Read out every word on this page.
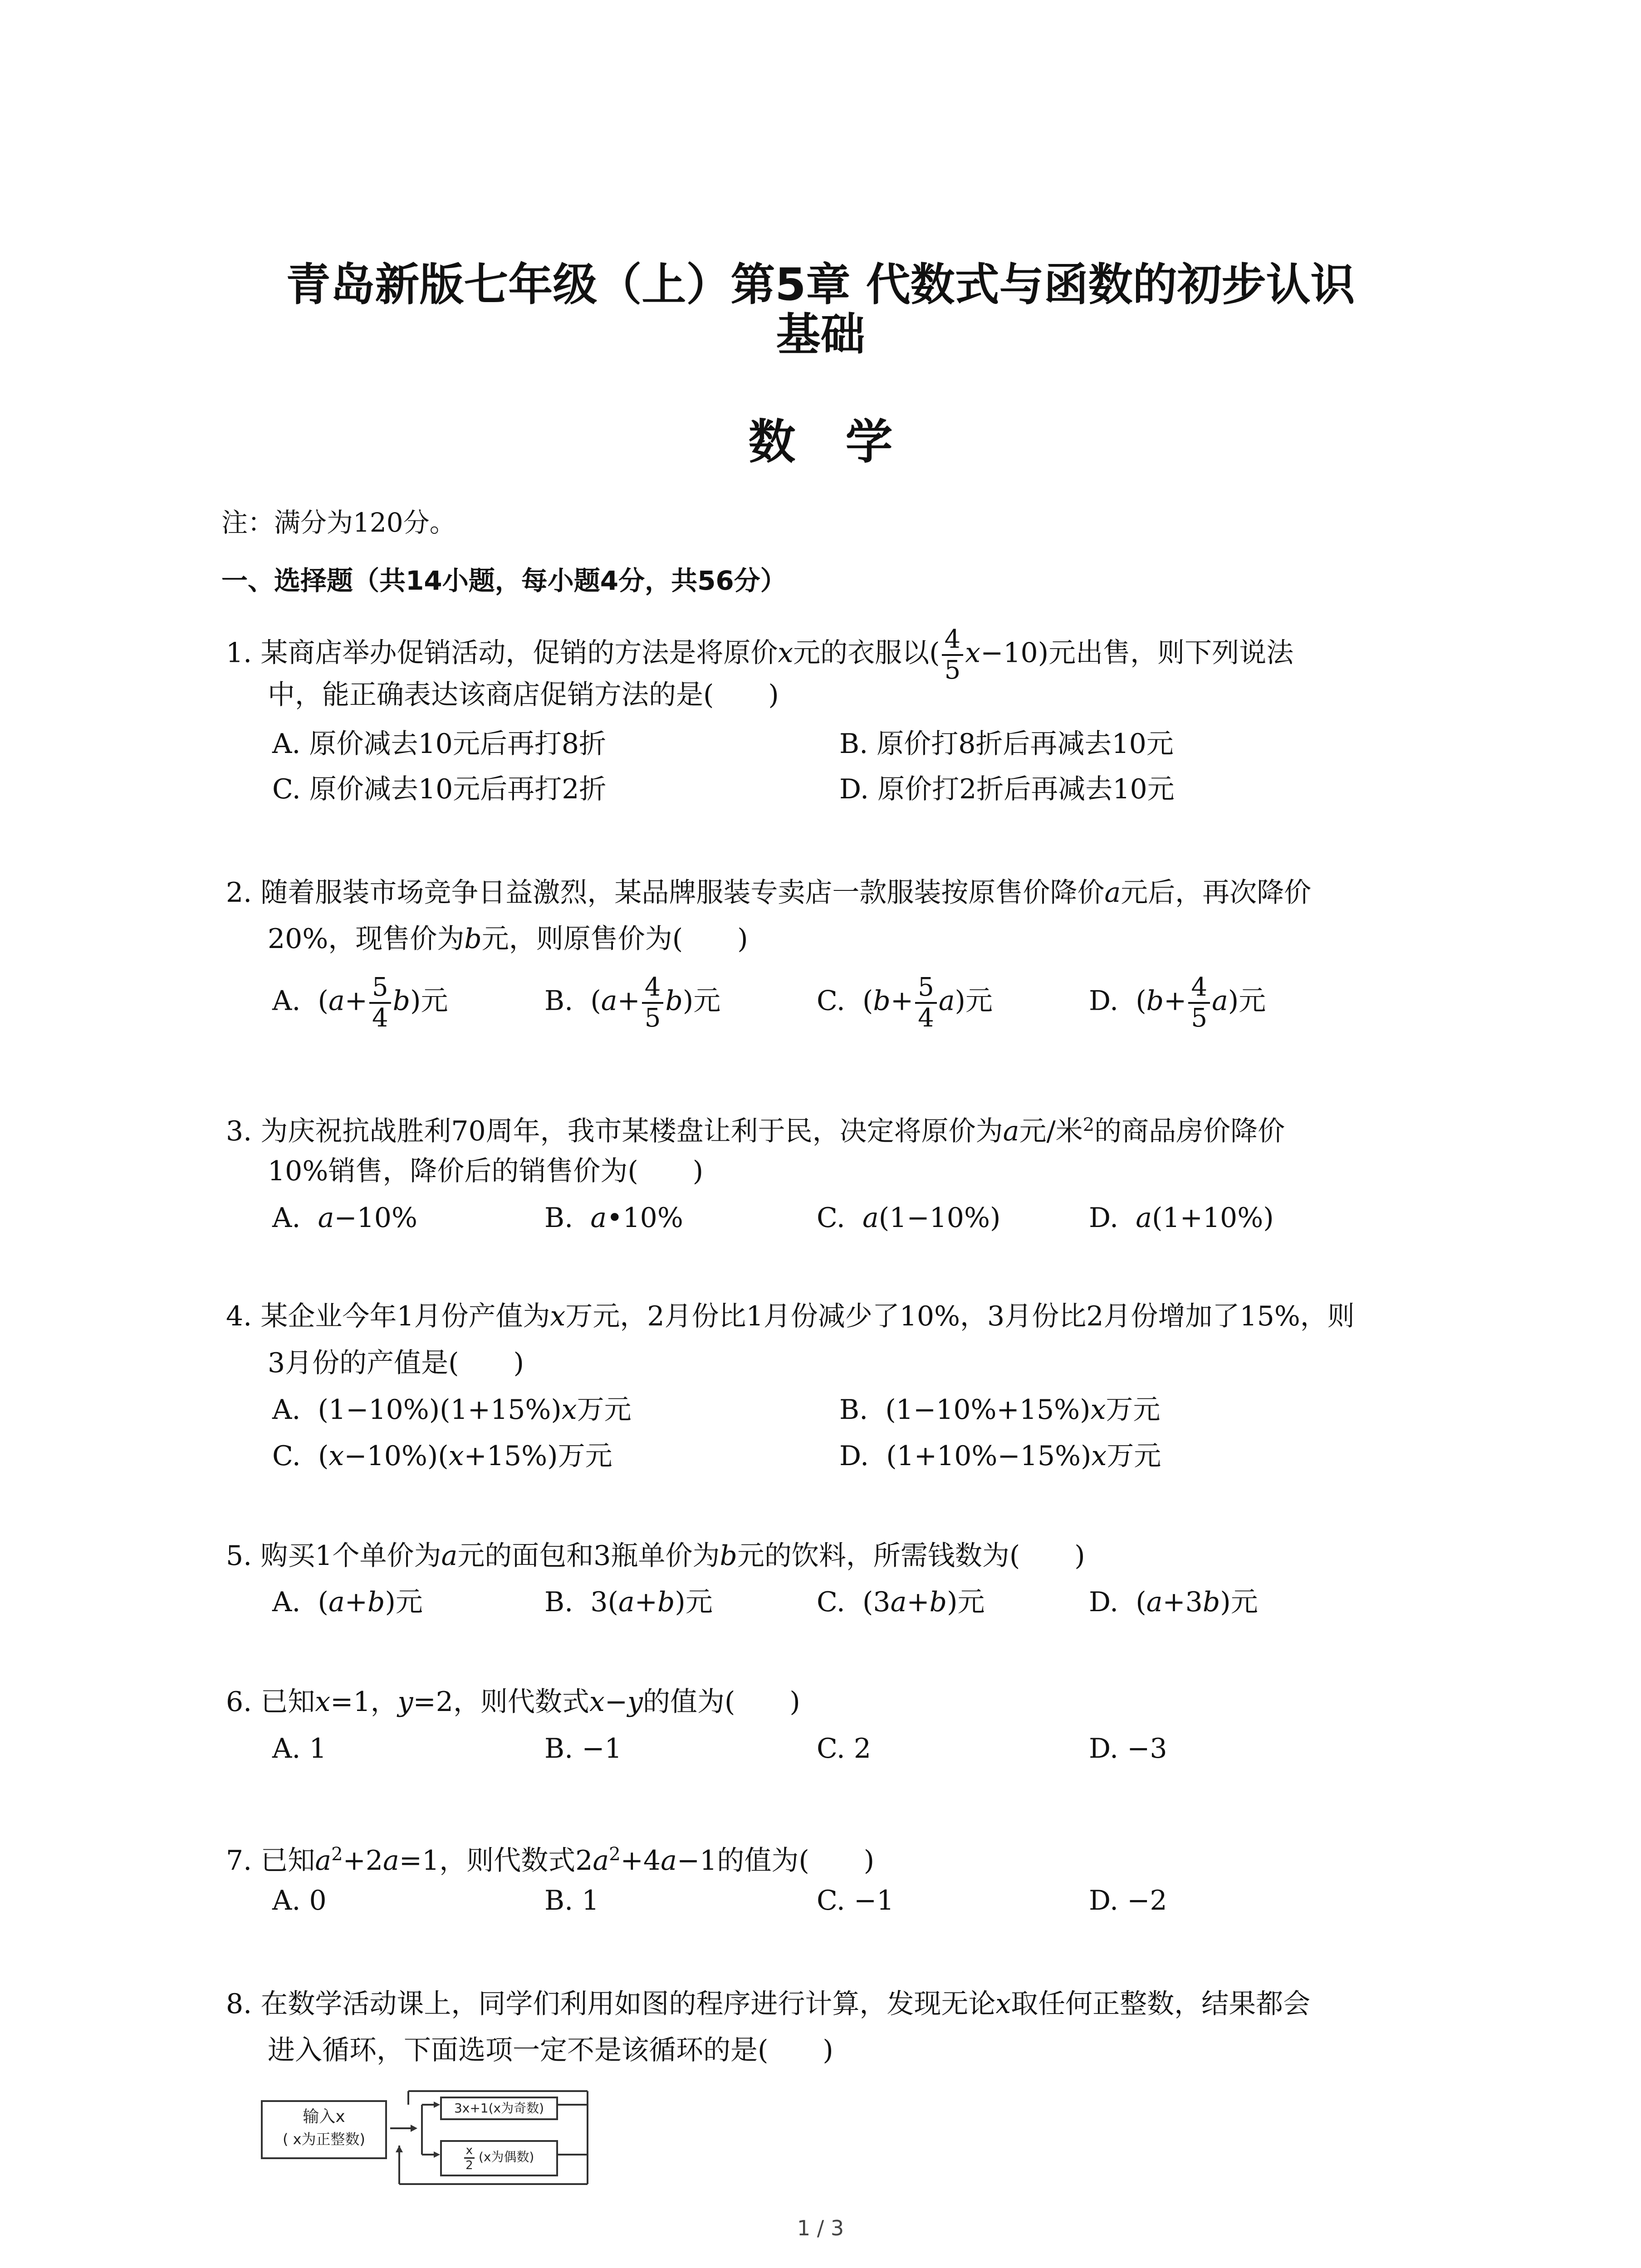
青岛新版七年级（上）第5章 代数式与函数的初步认识
基础
数学
注：满分为120分。
一、选择题（共14小题，每小题4分，共56分）
1. 某商店举办促销活动，促销的方法是将原价x元的衣服以( $\frac{4}{5} x-10$)元出售，则下列说法
中，能正确表达该商店促销方法的是(　　)
A. 原价减去10元后再打8折	B. 原价打8折后再减去10元
C. 原价减去10元后再打2折	D. 原价打2折后再减去10元
2. 随着服装市场竞争日益激烈，某品牌服装专卖店一款服装按原售价降价a元后，再次降价
20%，现售价为b元，则原售价为(　　)
A.  $(a+ \frac{5}{4} b)$元	B.  $(a+ \frac{4}{5} b)$元	C.  $(b+ \frac{5}{4} a)$元	D.  $(b+ \frac{4}{5} a)$元
3. 为庆祝抗战胜利70周年，我市某楼盘让利于民，决定将原价为a元/米$^2$的商品房价降价
10%销售，降价后的销售价为(　　)
A. a−10%	B. a•10%	C. a(1−10%)	D. a(1+10%)
4. 某企业今年1月份产值为x万元，2月份比1月份减少了10%，3月份比2月份增加了15%，则
3月份的产值是(　　)
A.  (1−10%)(1+15%)x万元	B.  (1−10%+15%)x万元
C.  (x−10%)(x+15%)万元	D.  (1+10%−15%)x万元
5. 购买1个单价为a元的面包和3瓶单价为b元的饮料，所需钱数为(　　)
A.  (a+b)元	B.  3(a+b)元	C.  (3a+b)元	D.  (a+3b)元
6. 已知x=1，y=2，则代数式x−y的值为(　　)
A. 1	B. −1	C. 2	D. −3
7. 已知$a^2+2a=1$，则代数式$2a^2+4a-1$的值为(　　)
A. 0	B. 1	C. −1	D. −2
8. 在数学活动课上，同学们利用如图的程序进行计算，发现无论x取任何正整数，结果都会
进入循环，下面选项一定不是该循环的是(　　)
输入x
( x为正整数)
3x+1(x为奇数)
$\frac{x}{2} (x$为偶数)
1 / 3
